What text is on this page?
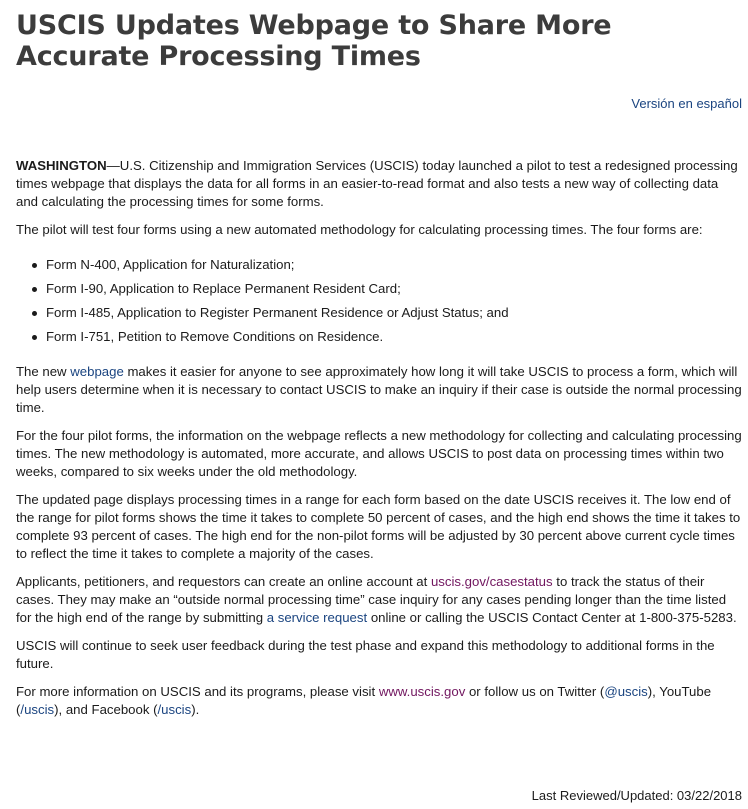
USCIS Updates Webpage to Share More Accurate Processing Times
Versión en español

WASHINGTON—U.S. Citizenship and Immigration Services (USCIS) today launched a pilot to test a redesigned processing times webpage that displays the data for all forms in an easier-to-read format and also tests a new way of collecting data and calculating the processing times for some forms.

The pilot will test four forms using a new automated methodology for calculating processing times. The four forms are:

Form N-400, Application for Naturalization;
Form I-90, Application to Replace Permanent Resident Card;
Form I-485, Application to Register Permanent Residence or Adjust Status; and
Form I-751, Petition to Remove Conditions on Residence.

The new webpage makes it easier for anyone to see approximately how long it will take USCIS to process a form, which will help users determine when it is necessary to contact USCIS to make an inquiry if their case is outside the normal processing time.

For the four pilot forms, the information on the webpage reflects a new methodology for collecting and calculating processing times. The new methodology is automated, more accurate, and allows USCIS to post data on processing times within two weeks, compared to six weeks under the old methodology.

The updated page displays processing times in a range for each form based on the date USCIS receives it. The low end of the range for pilot forms shows the time it takes to complete 50 percent of cases, and the high end shows the time it takes to complete 93 percent of cases. The high end for the non-pilot forms will be adjusted by 30 percent above current cycle times to reflect the time it takes to complete a majority of the cases.

Applicants, petitioners, and requestors can create an online account at uscis.gov/casestatus to track the status of their cases. They may make an “outside normal processing time” case inquiry for any cases pending longer than the time listed for the high end of the range by submitting a service request online or calling the USCIS Contact Center at 1-800-375-5283.

USCIS will continue to seek user feedback during the test phase and expand this methodology to additional forms in the future.

For more information on USCIS and its programs, please visit www.uscis.gov or follow us on Twitter (@uscis), YouTube (/uscis), and Facebook (/uscis).

Last Reviewed/Updated: 03/22/2018
